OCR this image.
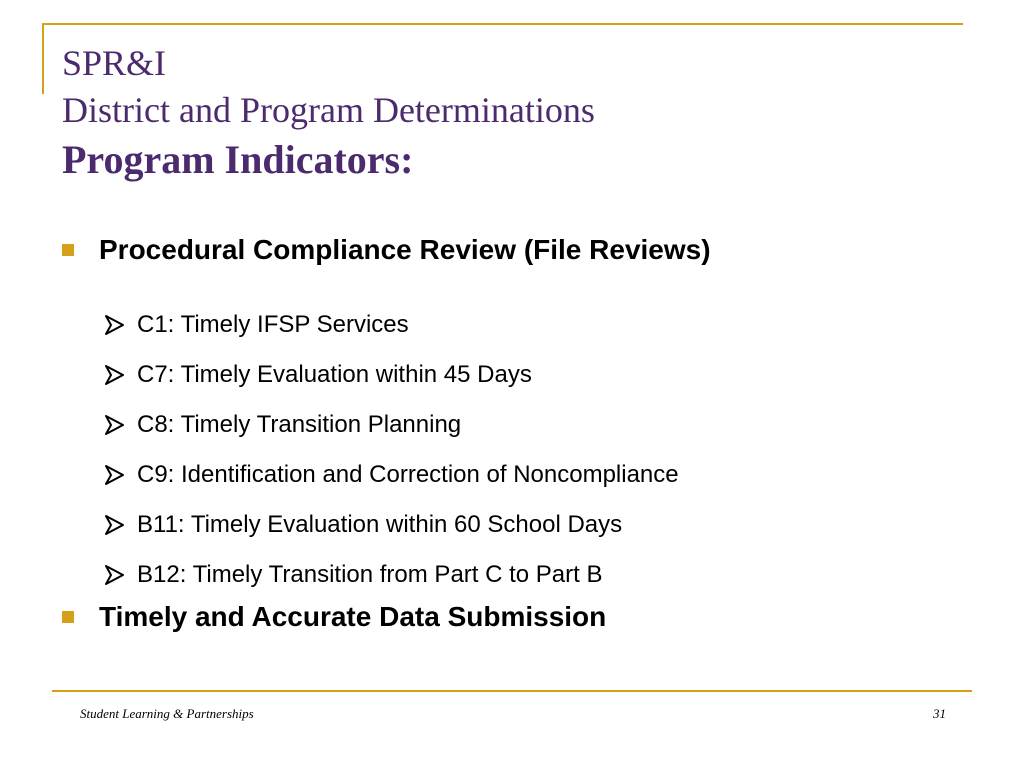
SPR&I
District and Program Determinations
Program Indicators:
Procedural Compliance Review (File Reviews)
C1: Timely IFSP Services
C7: Timely Evaluation within 45 Days
C8: Timely Transition Planning
C9: Identification and Correction of Noncompliance
B11: Timely Evaluation within 60 School Days
B12: Timely Transition from Part C to Part B
Timely and Accurate Data Submission
Student Learning & Partnerships	31
